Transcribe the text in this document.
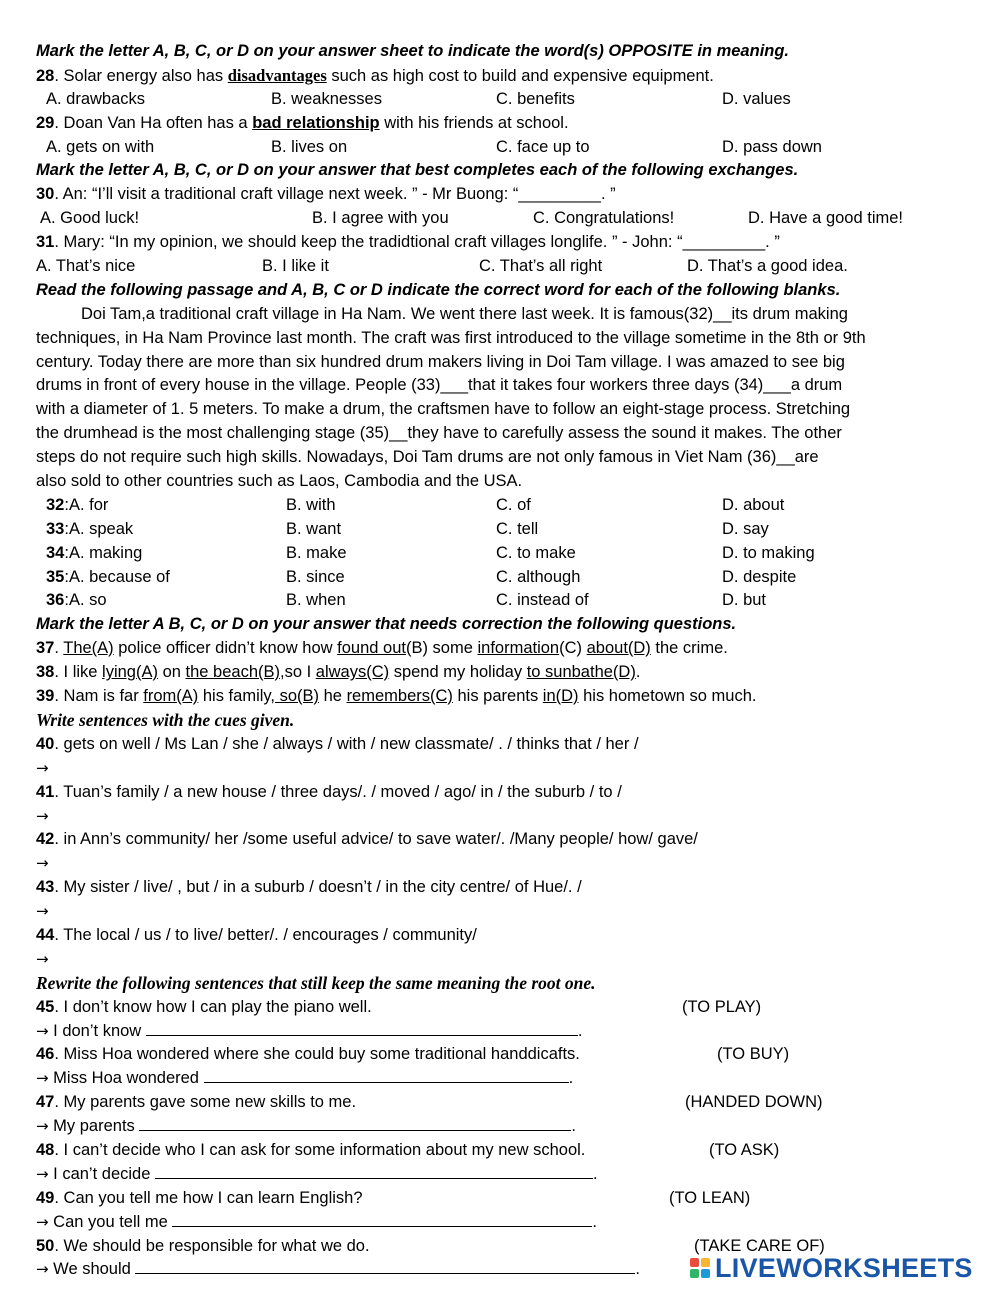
Mark the letter A, B, C, or D on your answer sheet to indicate the word(s) OPPOSITE in meaning.
28. Solar energy also has disadvantages such as high cost to build and expensive equipment.
A. drawbacks	B. weaknesses	C. benefits	D. values
29. Doan Van Ha often has a bad relationship with his friends at school.
A. gets on with	B. lives on	C. face up to	D. pass down
Mark the letter A, B, C, or D on your answer that best completes each of the following exchanges.
30. An: “I’ll visit a traditional craft village next week. ” - Mr Buong: “_________. ”
A. Good luck!	B. I agree with you	C. Congratulations!	D. Have a good time!
31. Mary: “In my opinion, we should keep the tradidtional craft villages longlife. ” - John: “_________. ”
A. That’s nice	B. I like it	C. That’s all right	D. That’s a good idea.
Read the following passage and A, B, C or D indicate the correct word for each of the following blanks.
Doi Tam,a traditional craft village in Ha Nam. We went there last week. It is famous(32)__its drum making
techniques, in Ha Nam Province last month. The craft was first introduced to the village sometime in the 8th or 9th
century. Today there are more than six hundred drum makers living in Doi Tam village. I was amazed to see big
drums in front of every house in the village. People (33)___that it takes four workers three days (34)___a drum
with a diameter of 1. 5 meters. To make a drum, the craftsmen have to follow an eight-stage process. Stretching
the drumhead is the most challenging stage (35)__they have to carefully assess the sound it makes. The other
steps do not require such high skills. Nowadays, Doi Tam drums are not only famous in Viet Nam (36)__are
also sold to other countries such as Laos, Cambodia and the USA.
32:A. for	B. with	C. of	D. about
33:A. speak	B. want	C. tell	D. say
34:A. making	B. make	C. to make	D. to making
35:A. because of	B. since	C. although	D. despite
36:A. so	B. when	C. instead of	D. but
Mark the letter A B, C, or D on your answer that needs correction the following questions.
37. The(A) police officer didn’t know how found out(B) some information(C) about(D) the crime.
38. I like lying(A) on the beach(B),so I always(C) spend my holiday to sunbathe(D).
39. Nam is far from(A) his family, so(B) he remembers(C) his parents in(D) his hometown so much.
Write sentences with the cues given.
40. gets on well / Ms Lan / she / always / with / new classmate/ . / thinks that / her /
→
41. Tuan’s family / a new house / three days/. / moved / ago/ in / the suburb / to /
→
42. in Ann’s community/ her /some useful advice/ to save water/. /Many people/ how/ gave/
→
43. My sister / live/ , but / in a suburb / doesn’t / in the city centre/ of Hue/. /
→
44. The local / us / to live/ better/. / encourages / community/
→
Rewrite the following sentences that still keep the same meaning the root one.
45. I don’t know how I can play the piano well.	(TO PLAY)
→ I don’t know	.
46. Miss Hoa wondered where she could buy some traditional handdicafts.	(TO BUY)
→ Miss Hoa wondered	.
47. My parents gave some new skills to me.	(HANDED DOWN)
→ My parents	.
48. I can’t decide who I can ask for some information about my new school.	(TO ASK)
→ I can’t decide	.
49. Can you tell me how I can learn English?	(TO LEAN)
→ Can you tell me	.
50. We should be responsible for what we do.	(TAKE CARE OF)
→ We should	.	LIVEWORKSHEETS
